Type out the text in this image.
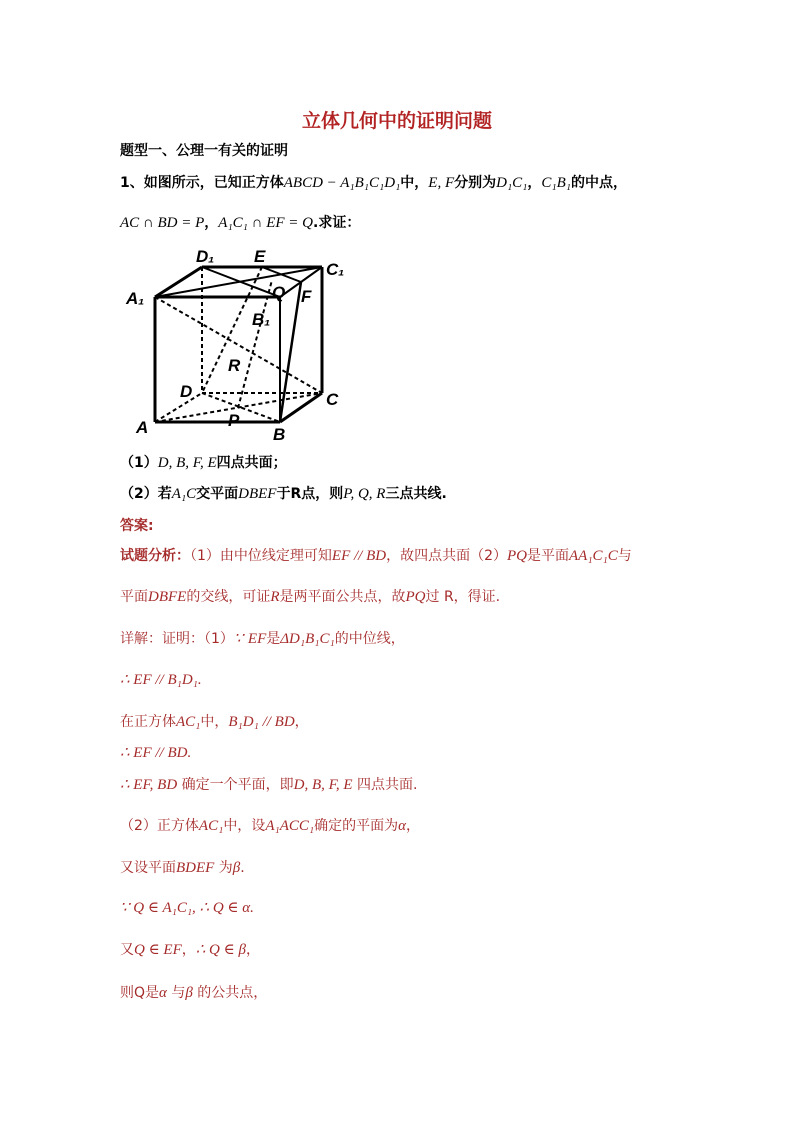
立体几何中的证明问题
题型一、公理一有关的证明
1、如图所示，已知正方体ABCD − A₁B₁C₁D₁中，E, F分别为D₁C₁，C₁B₁的中点，
AC ∩ BD = P，A₁C₁ ∩ EF = Q.求证：
D₁ E
C₁
A₁	Q F
B₁
R
D	C
A	P
B
（1）D, B, F, E四点共面；
（2）若A₁C交平面DBEF于R点，则P, Q, R三点共线.
答案:
试题分析：（1）由中位线定理可知EF // BD，故四点共面（2）PQ是平面AA₁C₁C与
平面DBFE的交线，可证R是两平面公共点，故PQ过 R，得证.
详解：证明：（1）∵ EF是ΔD₁B₁C₁的中位线，
∴ EF // B₁D₁.
在正方体AC₁中，B₁D₁ // BD，
∴ EF // BD.
∴ EF, BD 确定一个平面，即D, B, F, E 四点共面.
（2）正方体AC₁中，设A₁ACC₁确定的平面为α，
又设平面BDEF 为β.
∵ Q ∈ A₁C₁, ∴ Q ∈ α.
又Q ∈ EF，∴ Q ∈ β，
则Q是α 与β 的公共点，
